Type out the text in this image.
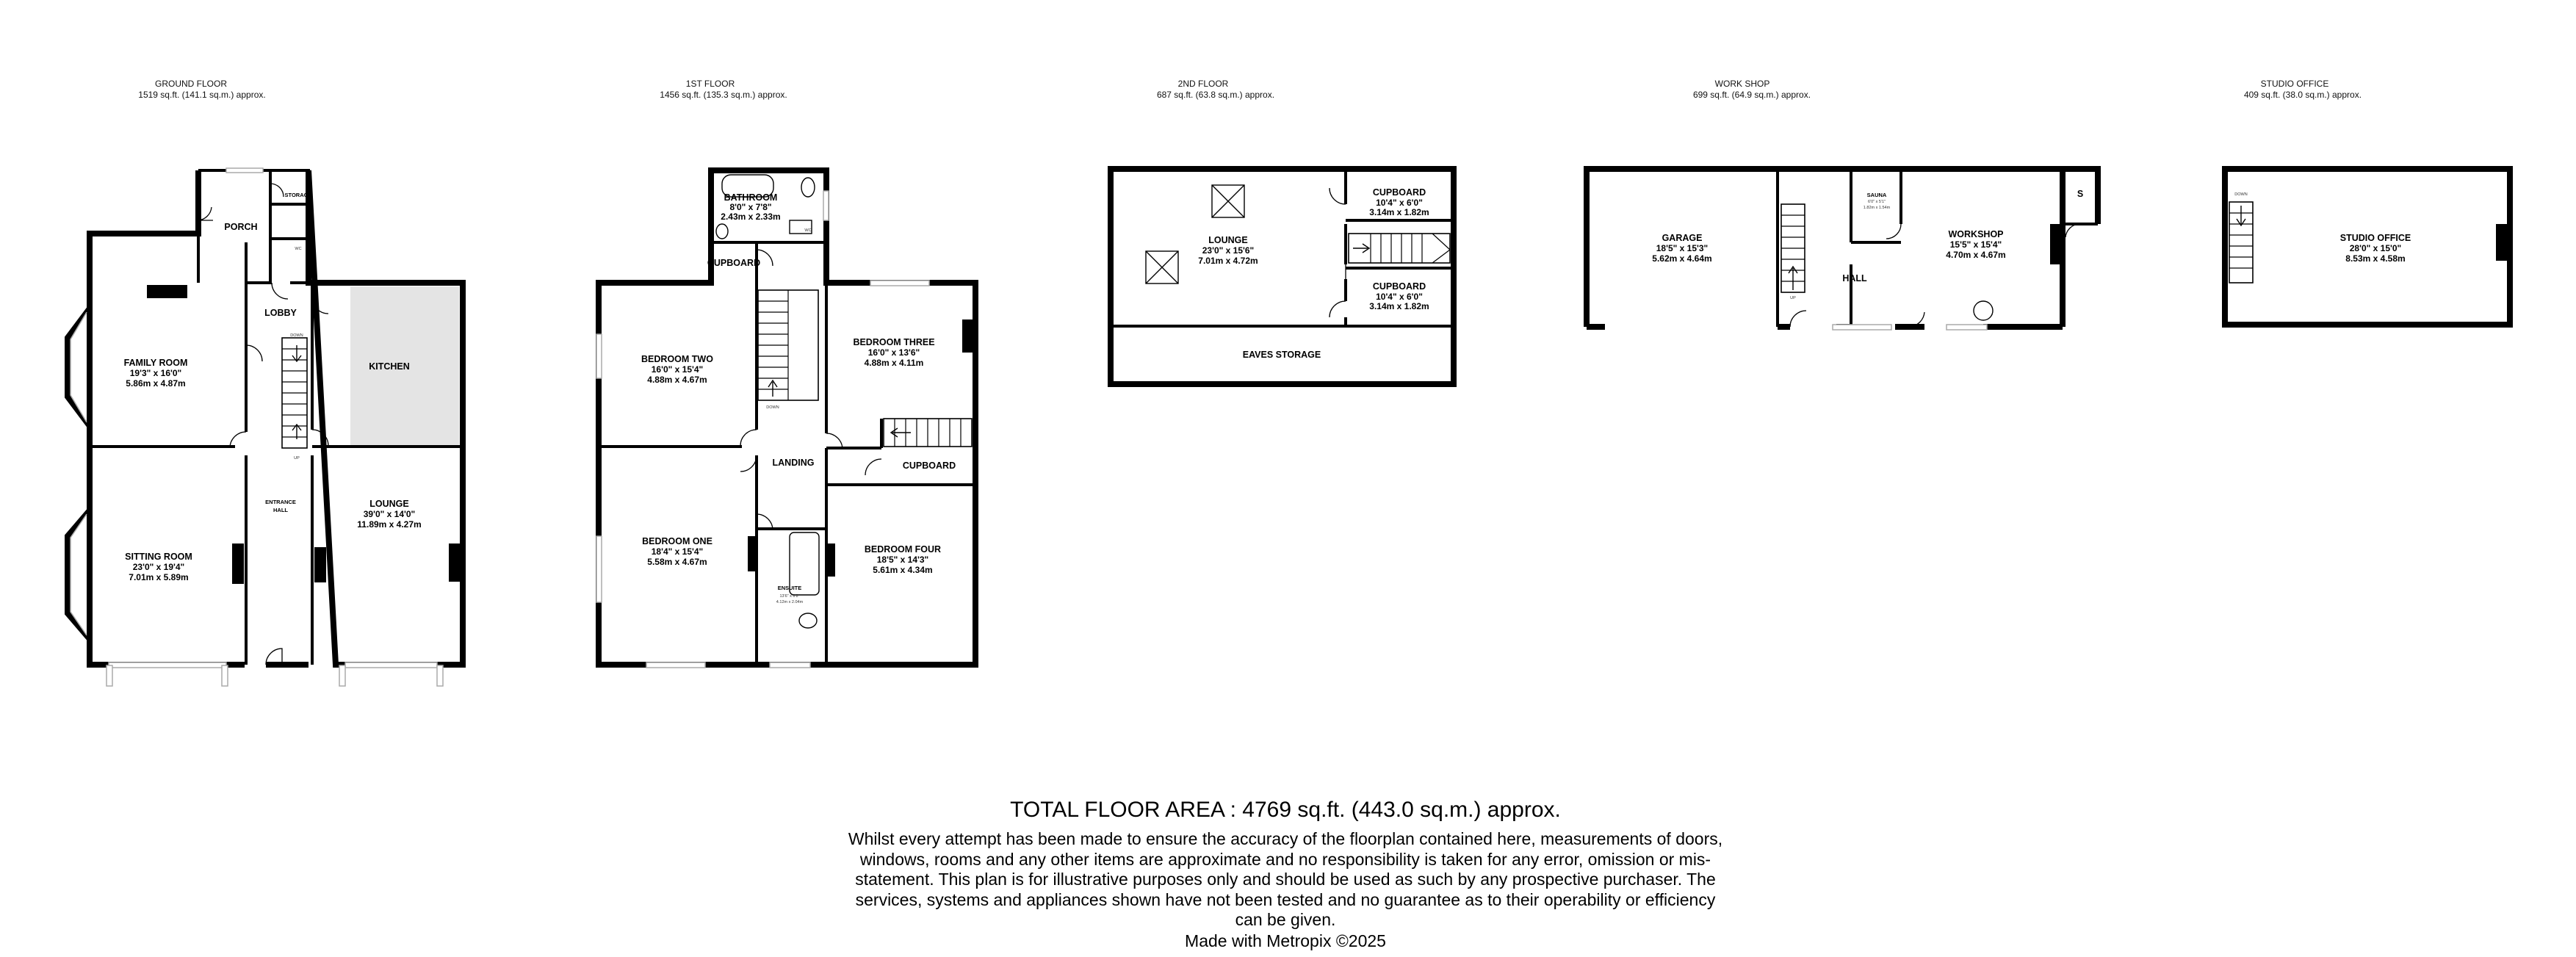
GROUND FLOOR
1519 sq.ft. (141.1 sq.m.) approx.
PORCH
STORAGE
WC
LOBBY
FAMILY ROOM
19'3" x 16'0"
5.86m x 4.87m
KITCHEN
ENTRANCE
HALL
LOUNGE
39'0" x 14'0"
11.89m x 4.27m
SITTING ROOM
23'0" x 19'4"
7.01m x 5.89m
UP
DOWN
1ST FLOOR
1456 sq.ft. (135.3 sq.m.) approx.
BATHROOM
8'0" x 7'8"
2.43m x 2.33m
CUPBOARD
BEDROOM TWO
16'0" x 15'4"
4.88m x 4.67m
BEDROOM THREE
16'0" x 13'6"
4.88m x 4.11m
LANDING	CUPBOARD
BEDROOM ONE
18'4" x 15'4"
5.58m x 4.67m
ENSUITE
13'6" x 6'8"
4.12m x 2.04m
BEDROOM FOUR
18'5" x 14'3"
5.61m x 4.34m
DOWN
WC
2ND FLOOR
687 sq.ft. (63.8 sq.m.) approx.
LOUNGE
23'0" x 15'6"
7.01m x 4.72m
CUPBOARD
10'4" x 6'0"
3.14m x 1.82m
CUPBOARD
10'4" x 6'0"
3.14m x 1.82m
EAVES STORAGE
WORK SHOP
699 sq.ft. (64.9 sq.m.) approx.
GARAGE
18'5" x 15'3"
5.62m x 4.64m
SAUNA
6'0" x 5'1"
1.82m x 1.54m
HALL
WORKSHOP
15'5" x 15'4"
4.70m x 4.67m
S
UP
STUDIO OFFICE
409 sq.ft. (38.0 sq.m.) approx.
DOWN
STUDIO OFFICE
28'0" x 15'0"
8.53m x 4.58m
TOTAL FLOOR AREA : 4769 sq.ft. (443.0 sq.m.) approx.
Whilst every attempt has been made to ensure the accuracy of the floorplan contained here, measurements of doors, windows, rooms and any other items are approximate and no responsibility is taken for any error, omission or mis-statement. This plan is for illustrative purposes only and should be used as such by any prospective purchaser. The services, systems and appliances shown have not been tested and no guarantee as to their operability or efficiency can be given.
Made with Metropix ©2025
